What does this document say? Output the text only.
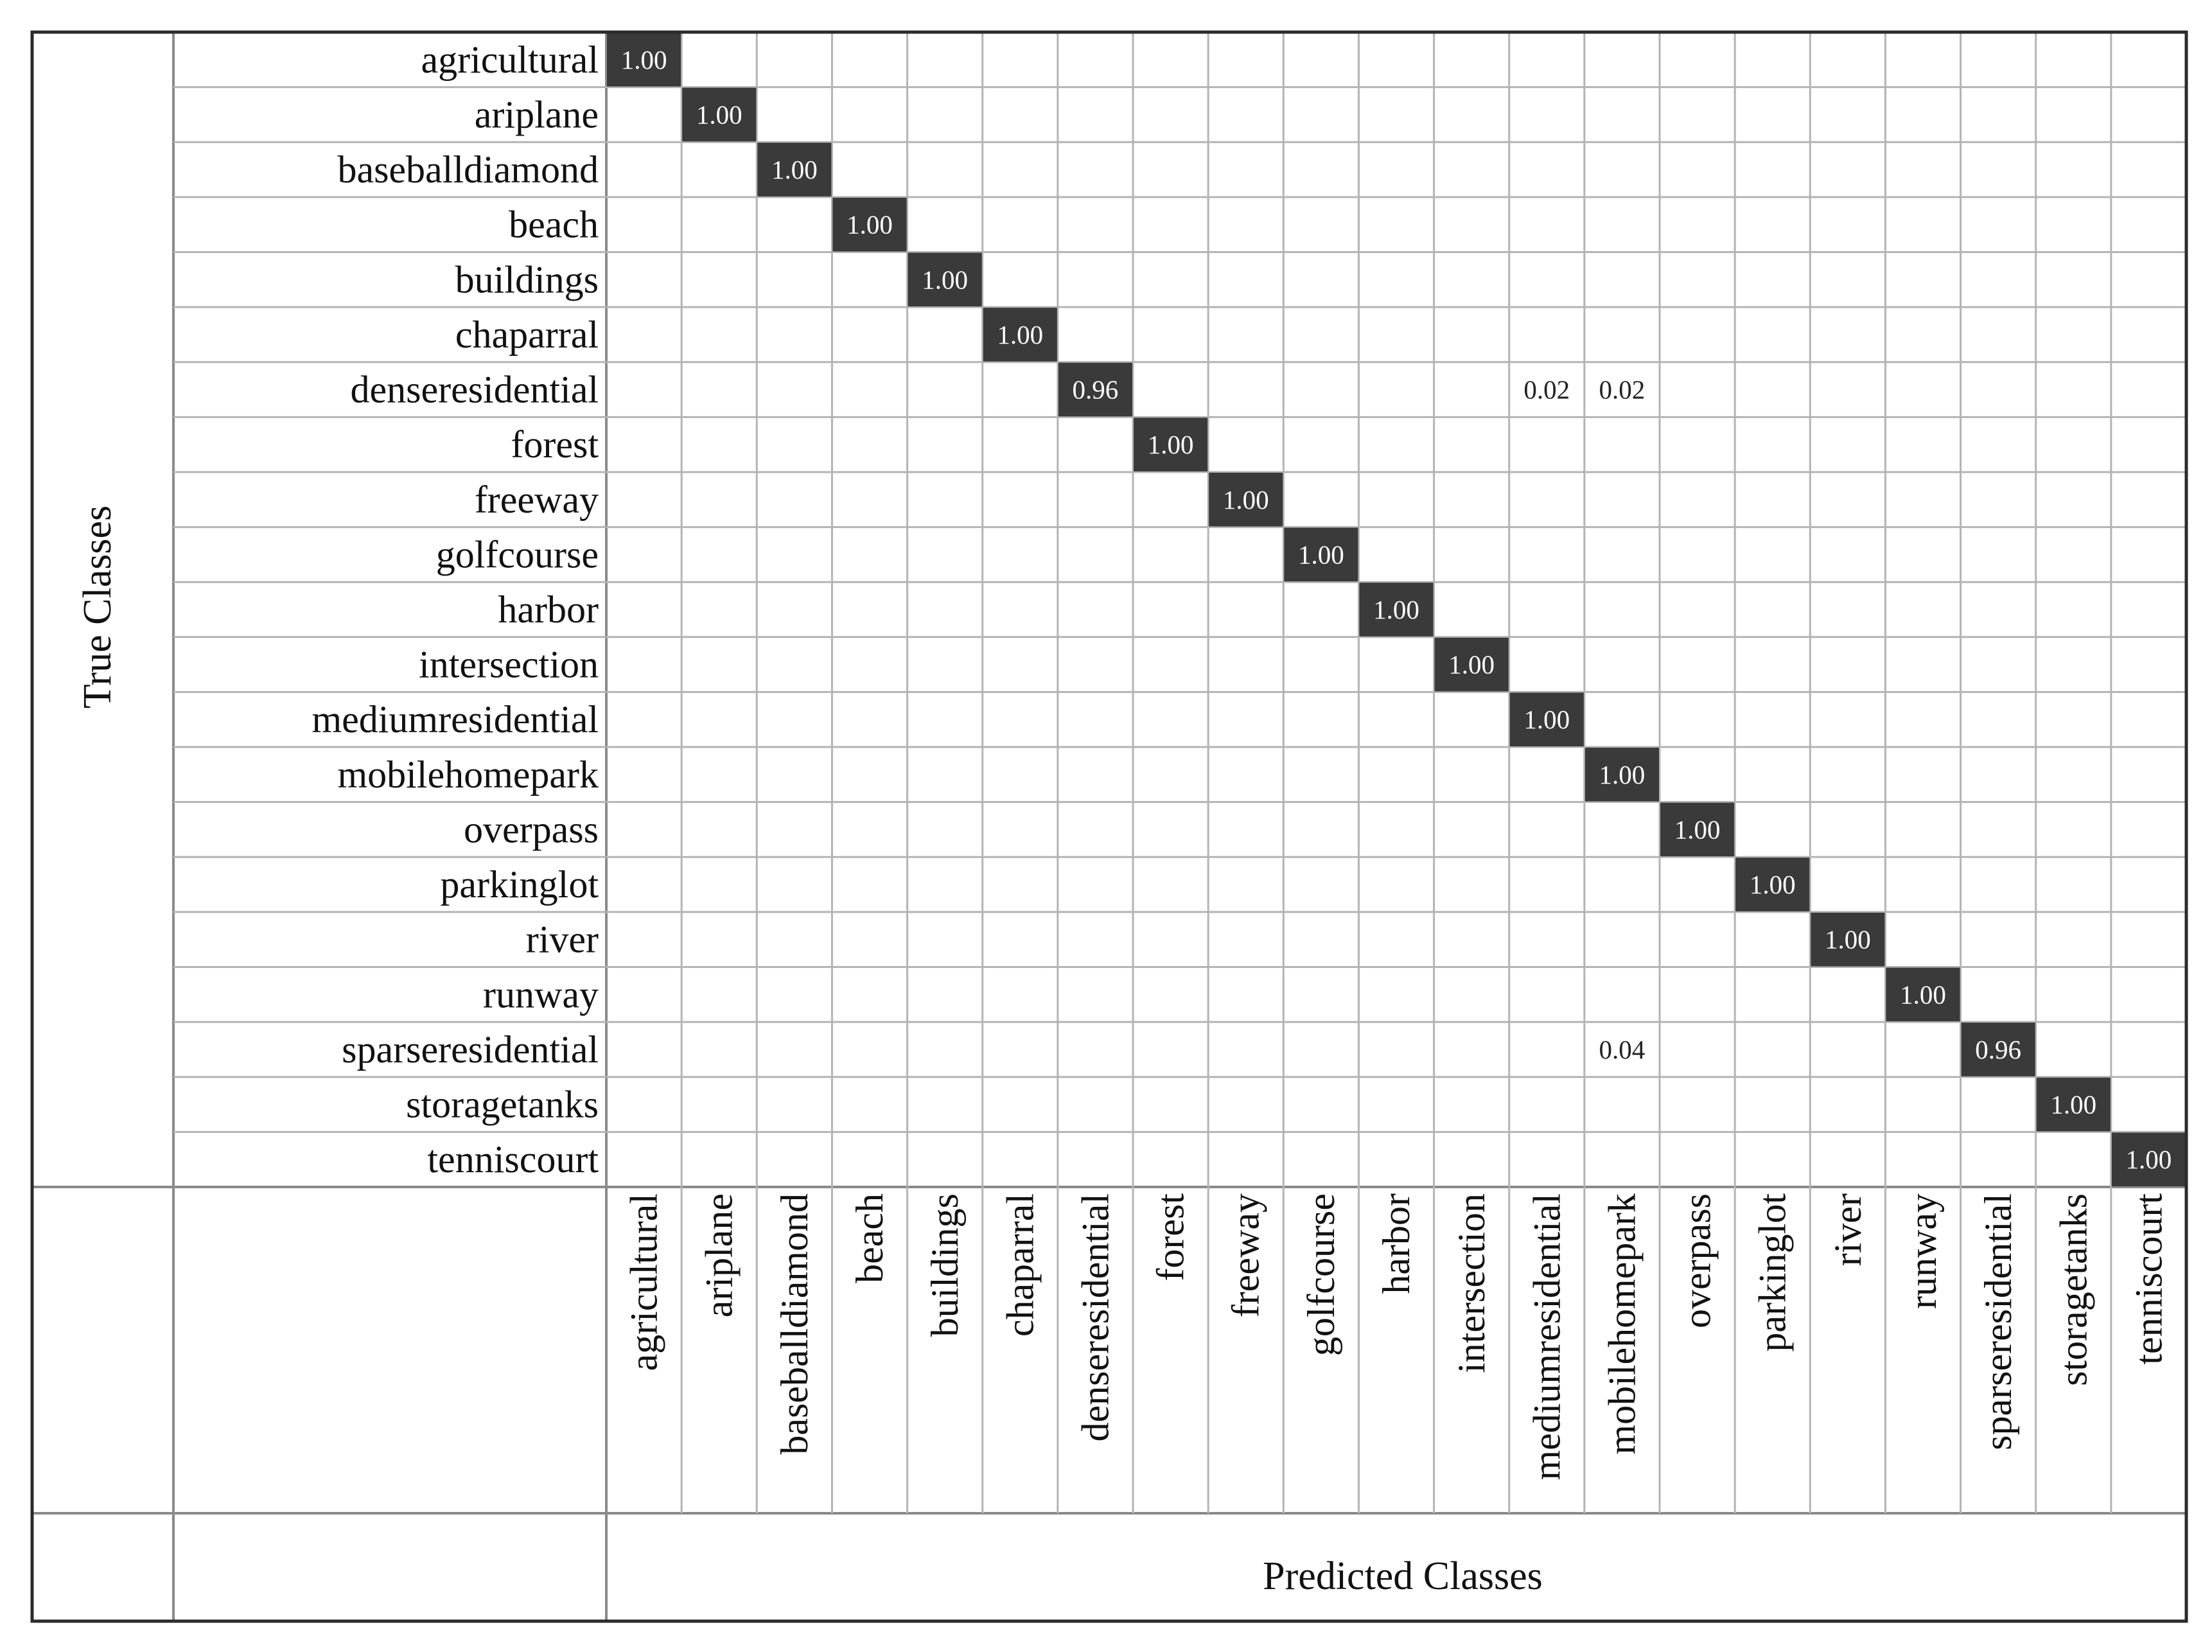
1.00
1.00
1.00
1.00
1.00
1.00
0.96	0.02 0.02
1.00
1.00
1.00
1.00
1.00
1.00
1.00
1.00
1.00
1.00
1.00
0.04	0.96
1.00
1.00
agricultural
ariplane
baseballdiamond
beach
buildings
chaparral
denseresidential
forest
freeway
golfcourse
harbor
intersection
mediumresidential
mobilehomepark
overpass
parkinglot
river
runway
sparseresidential
storagetanks
tenniscourt
agricultural ariplane baseballdiamond beach buildings chaparral denseresidential forest freeway golfcourse harbor intersection mediumresidential mobilehomepark overpass parkinglot river runway sparseresidential storagetanks tenniscourt
True Classes
Predicted Classes
